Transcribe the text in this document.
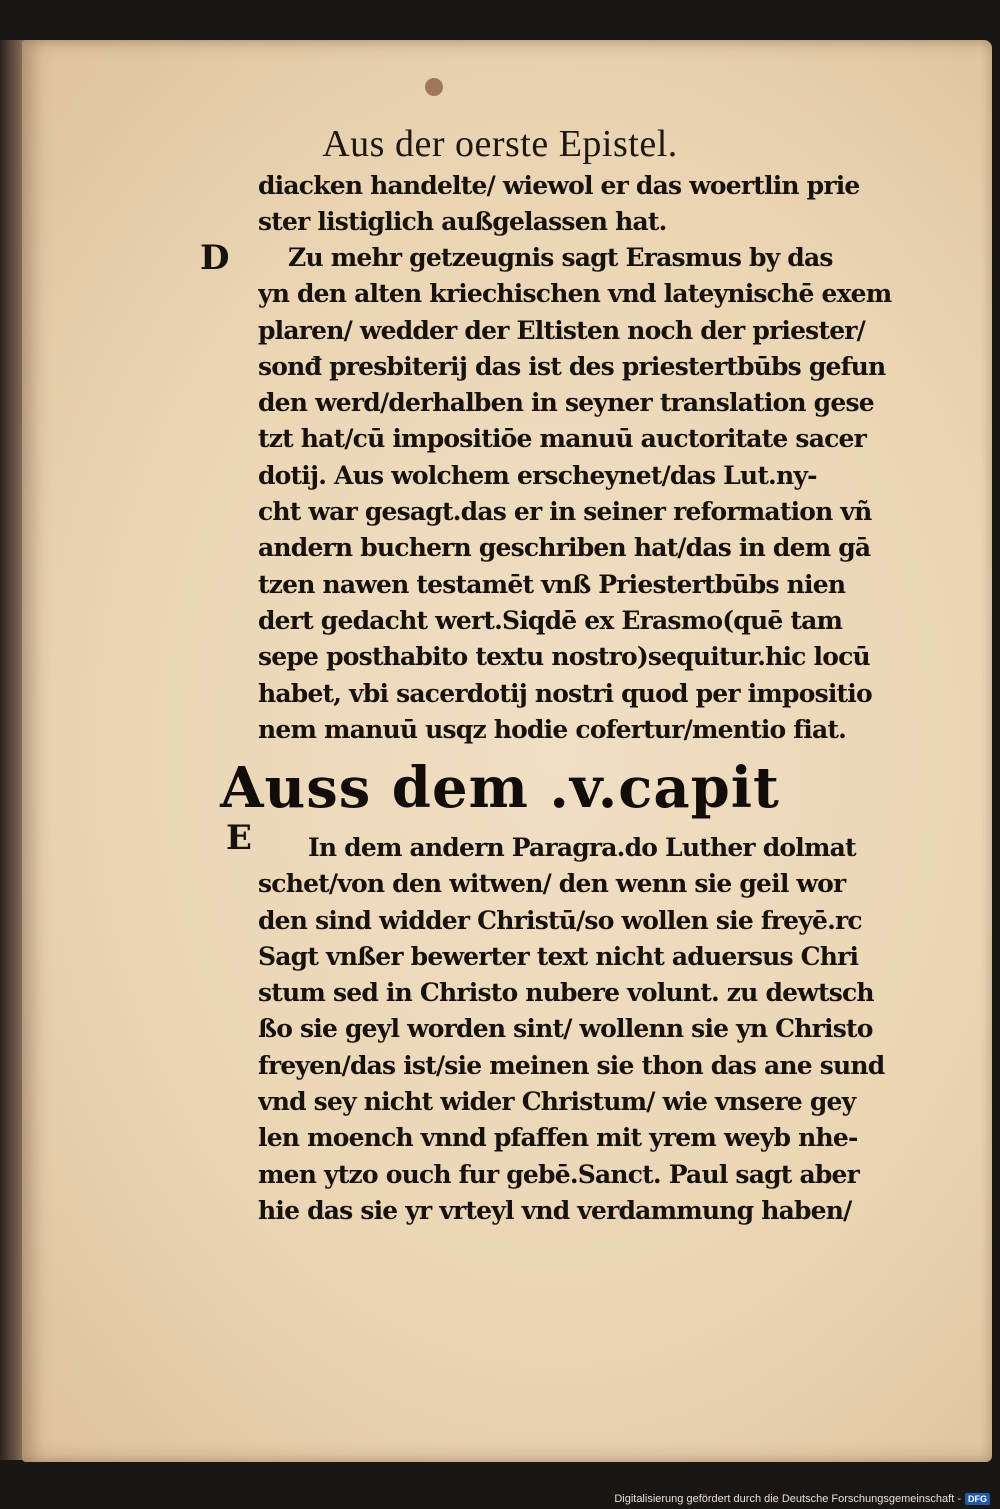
Aus der oerste Epistel.
diacken handelte/ wiewol er das woertlin prie
ster listiglich außgelassen hat.
D	Zu mehr getzeugnis sagt Erasmus by das
yn den alten kriechischen vnd lateynischē exem
plaren/ wedder der Eltisten noch der priester/
sonđ presbiterij das ist des priestertbūbs gefun
den werd/derhalben in seyner translation gese
tzt hat/cū impositiōe manuū auctoritate sacer
dotij. Aus wolchem erscheynet/das Lut.ny-
cht war gesagt.das er in seiner reformation vñ
andern buchern geschriben hat/das in dem gā
tzen nawen testamēt vnß Priestertbūbs nien
dert gedacht wert.Siqdē ex Erasmo(quē tam
sepe posthabito textu nostro)sequitur.hic locū
habet, vbi sacerdotij nostri quod per impositio
nem manuū usqz hodie cofertur/mentio fiat.
Auss dem .v.capit
E	In dem andern Paragra.do Luther dolmat
schet/von den witwen/ den wenn sie geil wor
den sind widder Christū/so wollen sie freyē.rc
Sagt vnßer bewerter text nicht aduersus Chri
stum sed in Christo nubere volunt. zu dewtsch
ßo sie geyl worden sint/ wollenn sie yn Christo
freyen/das ist/sie meinen sie thon das ane sund
vnd sey nicht wider Christum/ wie vnsere gey
len moench vnnd pfaffen mit yrem weyb nhe-
men ytzo ouch fur gebē.Sanct. Paul sagt aber
hie das sie yr vrteyl vnd verdammung haben/
Digitalisierung gefördert durch die Deutsche Forschungsgemeinschaft - DFG
